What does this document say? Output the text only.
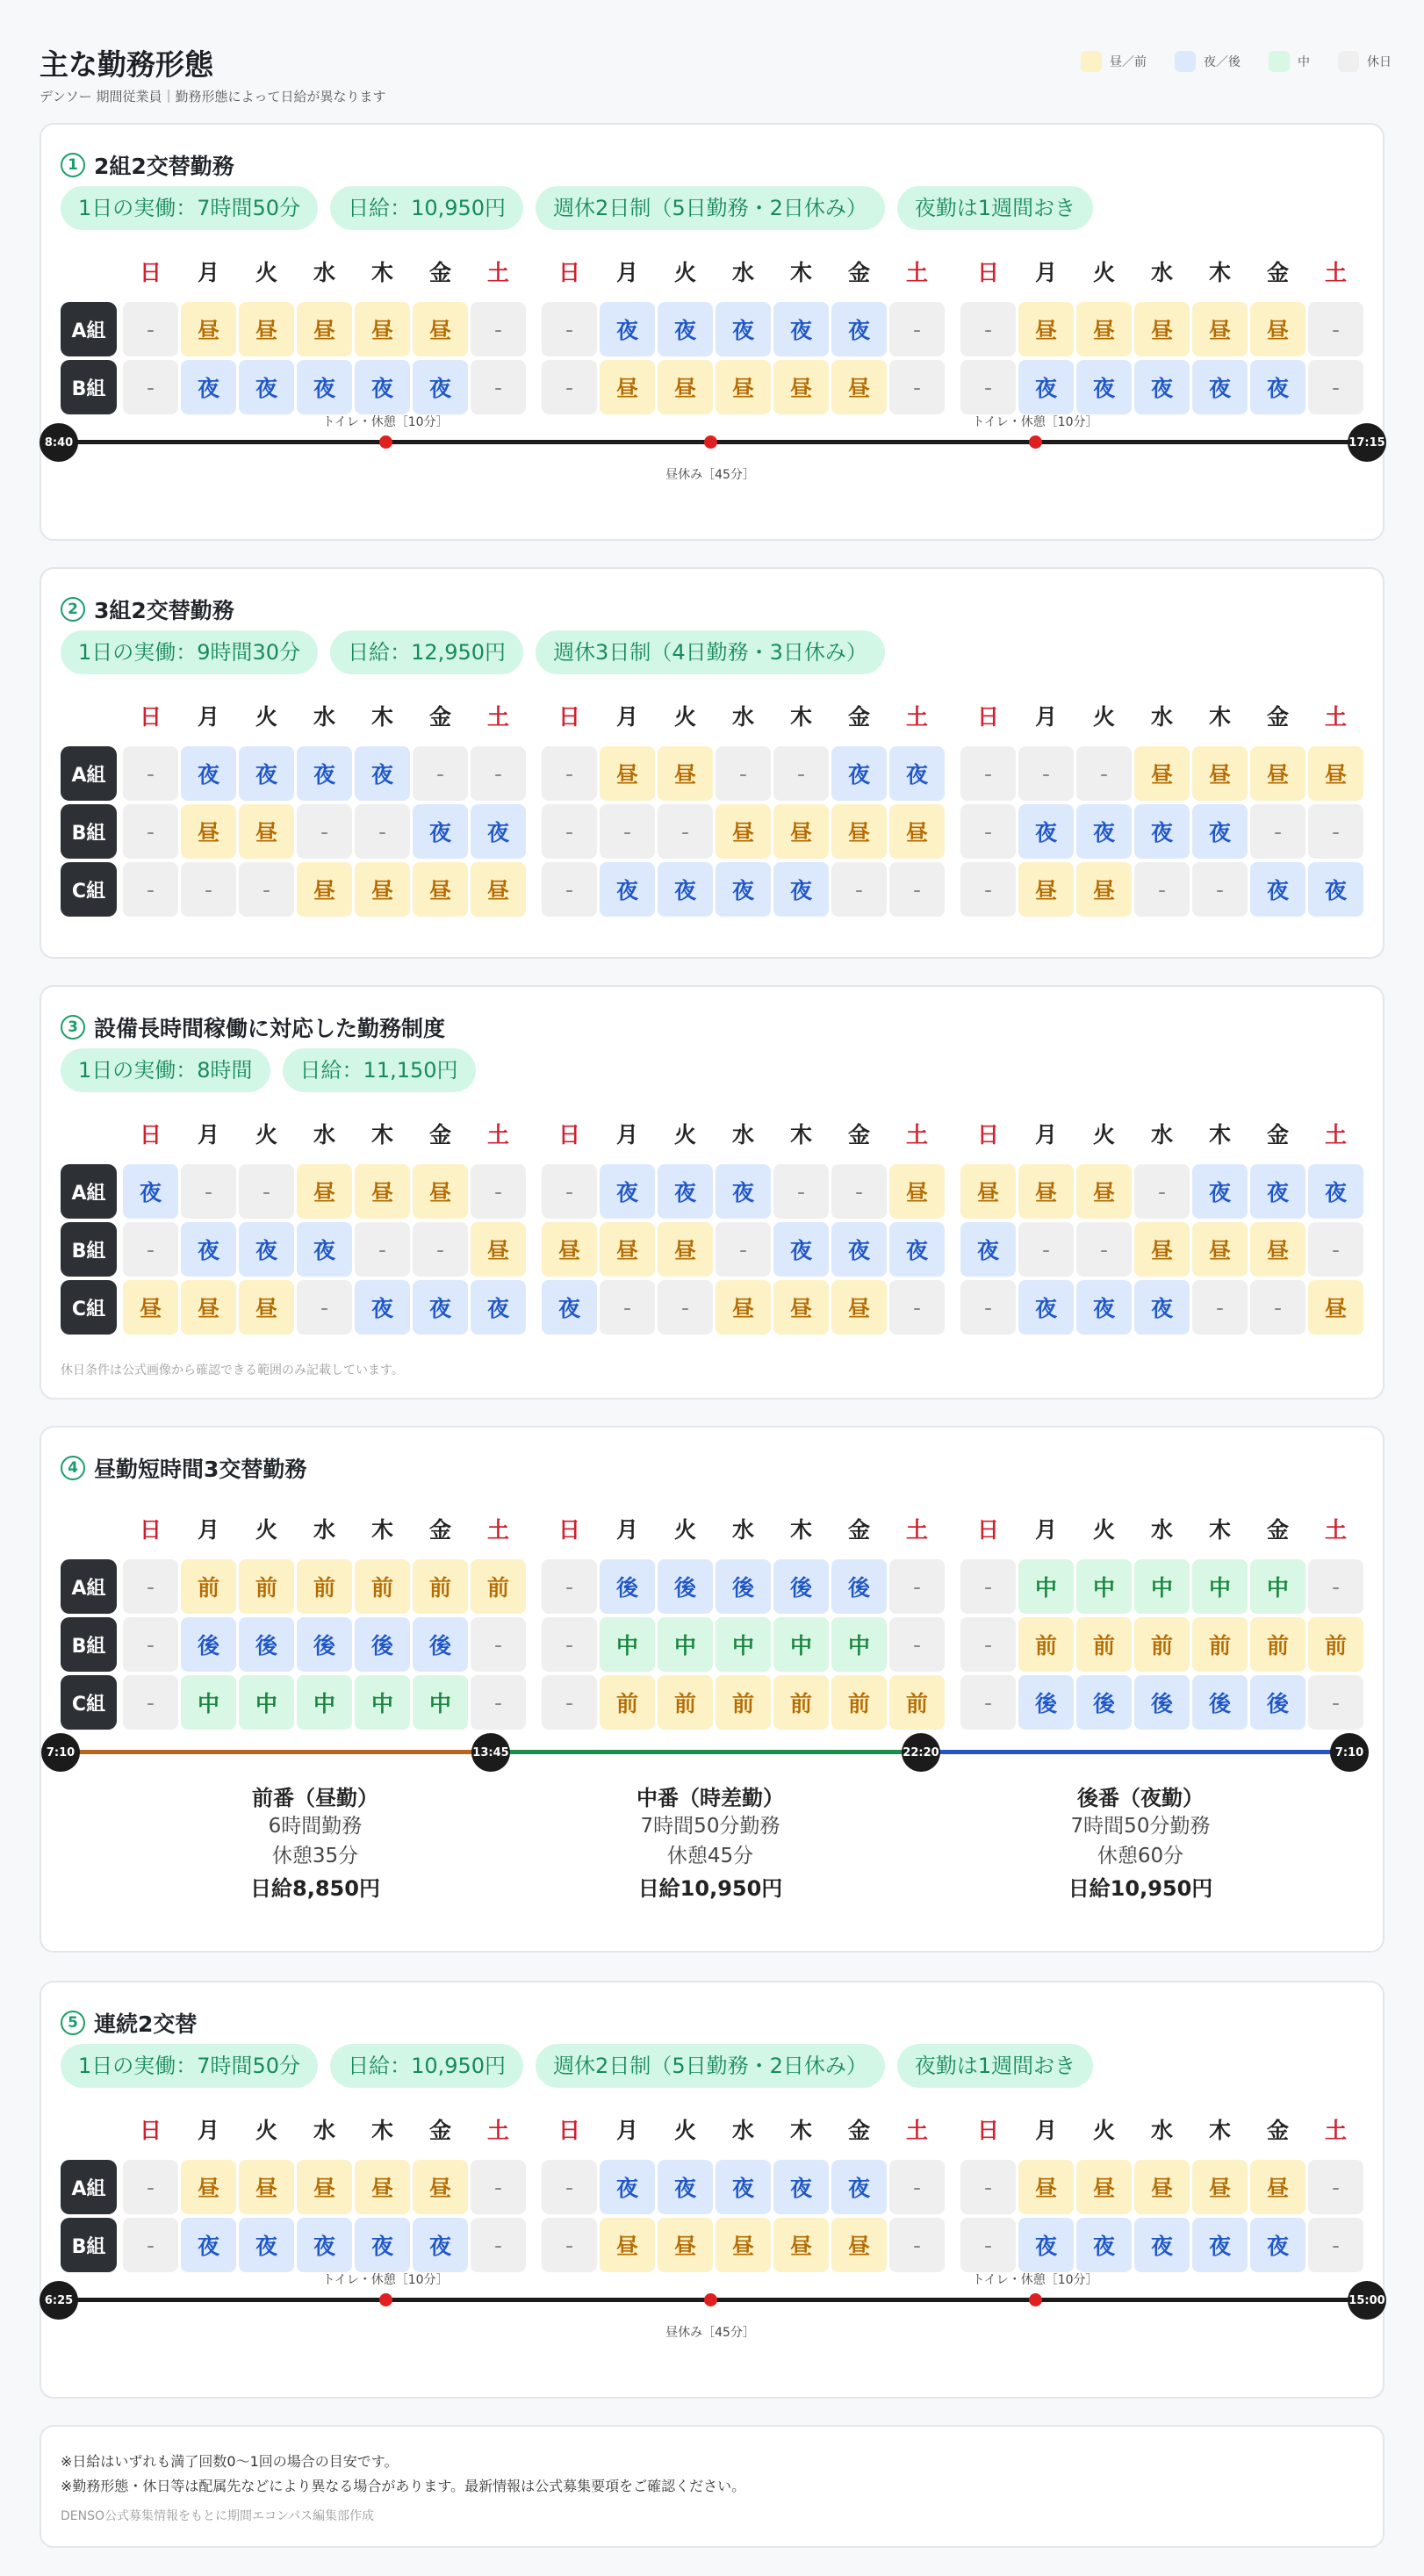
主な勤務形態
デンソー 期間従業員｜勤務形態によって日給が異なります
昼／前	夜／後	中	休日
1 2組2交替勤務
1日の実働：7時間50分	日給：10,950円	週休2日制（5日勤務・2日休み）	夜勤は1週間おき
日	月	火	水	木	金	土
A組	-	昼	昼	昼	昼	昼	-
B組	-	夜	夜	夜	夜	夜	-
日	月	火	水	木	金	土
-	夜	夜	夜	夜	夜	-
-	昼	昼	昼	昼	昼	-
日	月	火	水	木	金	土
-	昼	昼	昼	昼	昼	-
-	夜	夜	夜	夜	夜	-
8:40	17:15
トイレ・休憩［10分］
昼休み［45分］
トイレ・休憩［10分］
2 3組2交替勤務
1日の実働：9時間30分	日給：12,950円	週休3日制（4日勤務・3日休み）
日	月	火	水	木	金	土
A組	-	夜	夜	夜	夜	-	-
B組	-	昼	昼	-	-	夜	夜
C組	-	-	-	昼	昼	昼	昼
日	月	火	水	木	金	土
-	昼	昼	-	-	夜	夜
-	-	-	昼	昼	昼	昼
-	夜	夜	夜	夜	-	-
日	月	火	水	木	金	土
-	-	-	昼	昼	昼	昼
-	夜	夜	夜	夜	-	-
-	昼	昼	-	-	夜	夜
3 設備長時間稼働に対応した勤務制度
1日の実働：8時間	日給：11,150円
日	月	火	水	木	金	土
A組	夜	-	-	昼	昼	昼	-
B組	-	夜	夜	夜	-	-	昼
C組	昼	昼	昼	-	夜	夜	夜
日	月	火	水	木	金	土
-	夜	夜	夜	-	-	昼
昼	昼	昼	-	夜	夜	夜
夜	-	-	昼	昼	昼	-
日	月	火	水	木	金	土
昼	昼	昼	-	夜	夜	夜
夜	-	-	昼	昼	昼	-
-	夜	夜	夜	-	-	昼
休日条件は公式画像から確認できる範囲のみ記載しています。
4 昼勤短時間3交替勤務
日	月	火	水	木	金	土
A組	-	前	前	前	前	前	前
B組	-	後	後	後	後	後	-
C組	-	中	中	中	中	中	-
日	月	火	水	木	金	土
-	後	後	後	後	後	-
-	中	中	中	中	中	-
-	前	前	前	前	前	前
日	月	火	水	木	金	土
-	中	中	中	中	中	-
-	前	前	前	前	前	前
-	後	後	後	後	後	-
7:10	13:45	22:20	7:10
前番（昼勤）
6時間勤務
休憩35分
日給8,850円
中番（時差勤）
7時間50分勤務
休憩45分
日給10,950円
後番（夜勤）
7時間50分勤務
休憩60分
日給10,950円
5 連続2交替
1日の実働：7時間50分	日給：10,950円	週休2日制（5日勤務・2日休み）	夜勤は1週間おき
日	月	火	水	木	金	土
A組	-	昼	昼	昼	昼	昼	-
B組	-	夜	夜	夜	夜	夜	-
日	月	火	水	木	金	土
-	夜	夜	夜	夜	夜	-
-	昼	昼	昼	昼	昼	-
日	月	火	水	木	金	土
-	昼	昼	昼	昼	昼	-
-	夜	夜	夜	夜	夜	-
6:25	15:00
トイレ・休憩［10分］
昼休み［45分］
トイレ・休憩［10分］

※日給はいずれも満了回数0〜1回の場合の目安です。

※勤務形態・休日等は配属先などにより異なる場合があります。最新情報は公式募集要項をご確認ください。

DENSO公式募集情報をもとに期間エコンパス編集部作成
